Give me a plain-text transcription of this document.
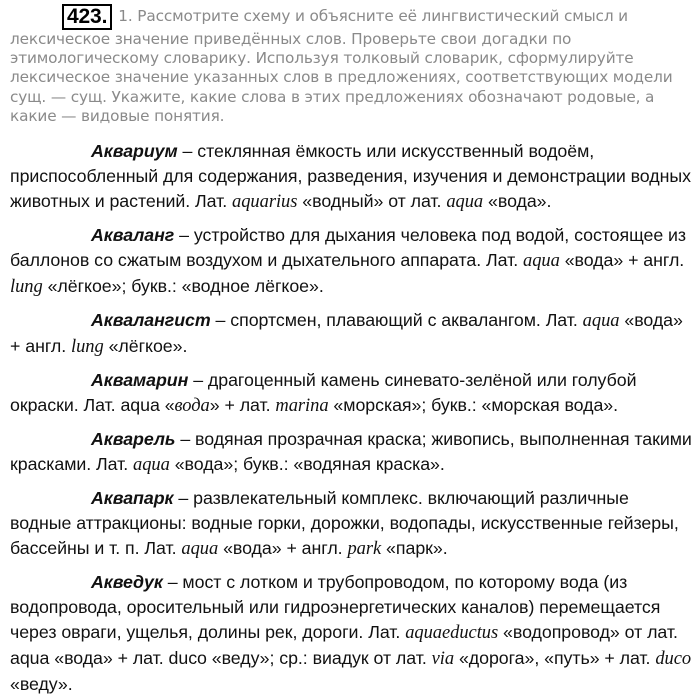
423. 1. Рассмотрите схему и объясните её лингвистический смысл и лексическое значение приведённых слов. Проверьте свои догадки по этимологическому словарику. Используя толковый словарик, сформулируйте лексическое значение указанных слов в предложениях, соответствующих модели сущ. — сущ. Укажите, какие слова в этих предложениях обозначают родовые, а какие — видовые понятия.

Аквариум – стеклянная ёмкость или искусственный водоём, приспособленный для содержания, разведения, изучения и демонстрации водных животных и растений. Лат. aquarius «водный» от лат. aqua «вода».

Акваланг – устройство для дыхания человека под водой, состоящее из баллонов со сжатым воздухом и дыхательного аппарата. Лат. aqua «вода» + англ. lung «лёгкое»; букв.: «водное лёгкое».

Аквалангист – спортсмен, плавающий с аквалангом. Лат. aqua «вода» + англ. lung «лёгкое».

Аквамарин – драгоценный камень синевато-зелёной или голубой окраски. Лат. aqua «вода» + лат. marina «морская»; букв.: «морская вода».

Акварель – водяная прозрачная краска; живопись, выполненная такими красками. Лат. aqua «вода»; букв.: «водяная краска».

Аквапарк – развлекательный комплекс. включающий различные водные аттракционы: водные горки, дорожки, водопады, искусственные гейзеры, бассейны и т. п. Лат. aqua «вода» + англ. park «парк».

Акведук – мост с лотком и трубопроводом, по которому вода (из водопровода, оросительный или гидроэнергетических каналов) перемещается через овраги, ущелья, долины рек, дороги. Лат. aquaeductus «водопровод» от лат. aqua «вода» + лат. duco «веду»; ср.: виадук от лат. via «дорога», «путь» + лат. duco «веду».
